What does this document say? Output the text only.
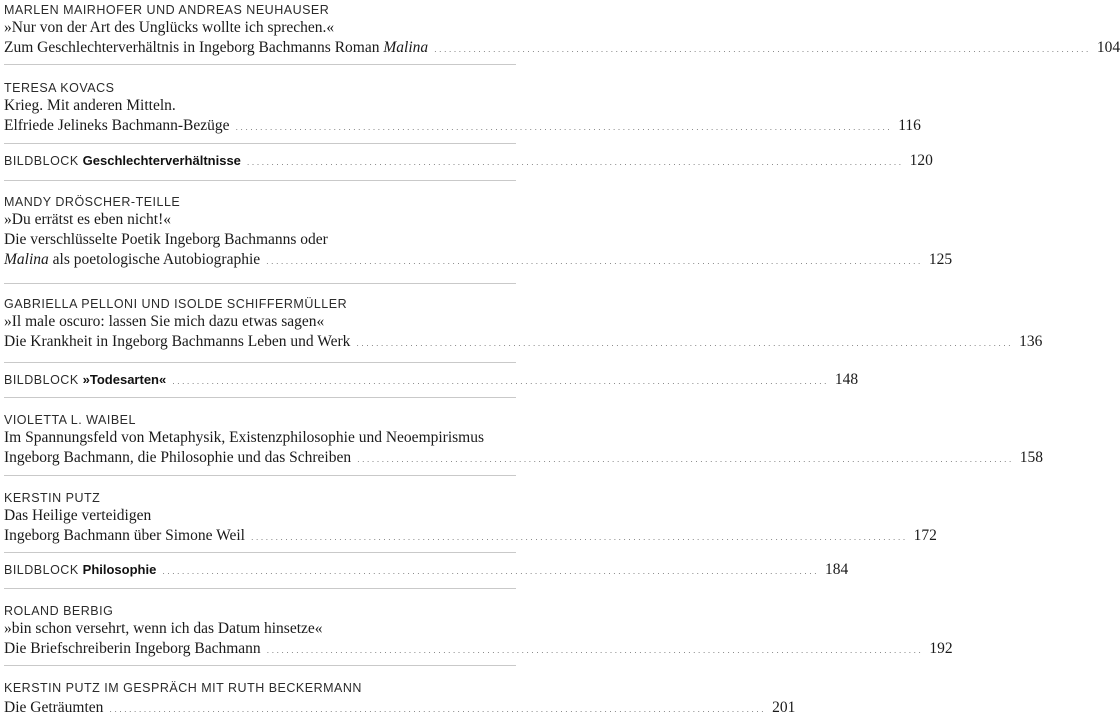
MARLEN MAIRHOFER UND ANDREAS NEUHAUSER
»Nur von der Art des Unglücks wollte ich sprechen.«
Zum Geschlechterverhältnis in Ingeborg Bachmanns Roman Malina ...................................................................................................................................... 104
TERESA KOVACS
Krieg. Mit anderen Mitteln.
Elfriede Jelineks Bachmann-Bezüge ...................................................................................................................................... 116
BILDBLOCK Geschlechterverhältnisse ...................................................................................................................................... 120
MANDY DRÖSCHER-TEILLE
»Du errätst es eben nicht!«
Die verschlüsselte Poetik Ingeborg Bachmanns oder
Malina als poetologische Autobiographie ...................................................................................................................................... 125
GABRIELLA PELLONI UND ISOLDE SCHIFFERMÜLLER
»Il male oscuro: lassen Sie mich dazu etwas sagen«
Die Krankheit in Ingeborg Bachmanns Leben und Werk ...................................................................................................................................... 136
BILDBLOCK »Todesarten« ...................................................................................................................................... 148
VIOLETTA L. WAIBEL
Im Spannungsfeld von Metaphysik, Existenzphilosophie und Neoempirismus
Ingeborg Bachmann, die Philosophie und das Schreiben ...................................................................................................................................... 158
KERSTIN PUTZ
Das Heilige verteidigen
Ingeborg Bachmann über Simone Weil ...................................................................................................................................... 172
BILDBLOCK Philosophie ...................................................................................................................................... 184
ROLAND BERBIG
»bin schon versehrt, wenn ich das Datum hinsetze«
Die Briefschreiberin Ingeborg Bachmann ...................................................................................................................................... 192
KERSTIN PUTZ IM GESPRÄCH MIT RUTH BECKERMANN
Die Geträumten ...................................................................................................................................... 201
